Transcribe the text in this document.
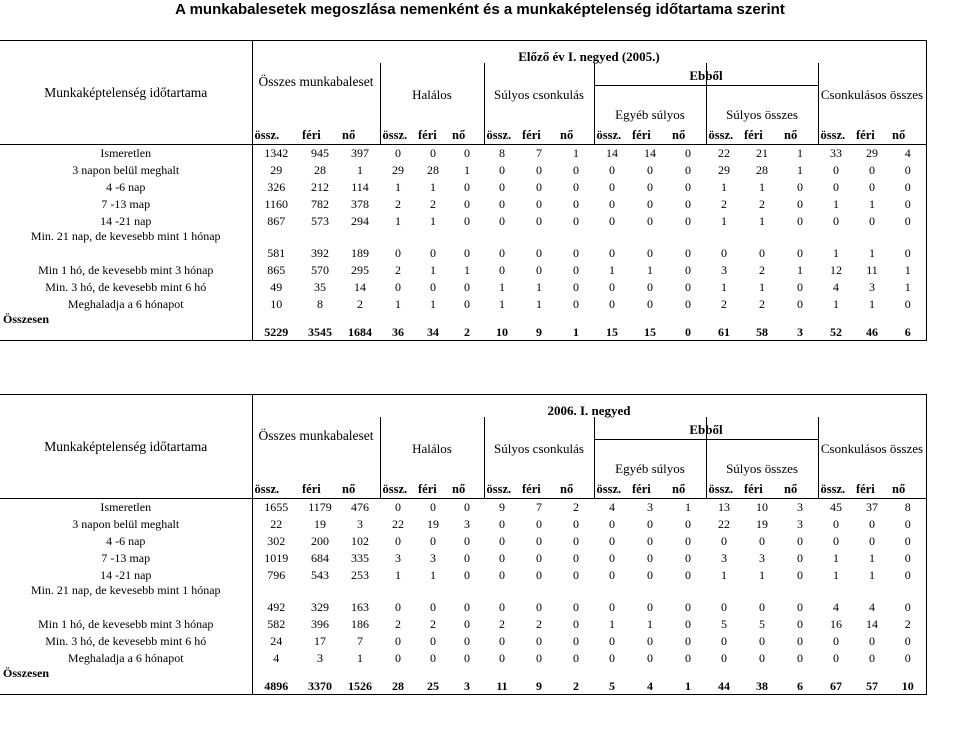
A munkabalesetek megoszlása nemenként és a munkaképtelenség időtartama szerint
Munkaképtelenség időtartama	Előző év I. negyed (2005.)																	
	Összes munkabaleset			Halálos			Súlyos csonkulás			Egyéb súlyos			Súlyos összes			Csonkulásos összes		
	össz.	féri	nő	össz.	féri	nő	össz.	féri	nő	össz.	féri	nő	össz.	féri	nő	össz.	féri	nő
Ismeretlen	1342	945	397	0	0	0	8	7	1	14	14	0	22	21	1	33	29	4
3 napon belül meghalt	29	28	1	29	28	1	0	0	0	0	0	0	29	28	1	0	0	0
4 -6 nap	326	212	114	1	1	0	0	0	0	0	0	0	1	1	0	0	0	0
7 -13 map	1160	782	378	2	2	0	0	0	0	0	0	0	2	2	0	1	1	0
14 -21 nap	867	573	294	1	1	0	0	0	0	0	0	0	1	1	0	0	0	0
Min. 21 nap, de kevesebb mint 1 hónap	581	392	189	0	0	0	0	0	0	0	0	0	0	0	0	1	1	0
Min 1 hó, de kevesebb mint 3 hónap	865	570	295	2	1	1	0	0	0	1	1	0	3	2	1	12	11	1
Min. 3 hó, de kevesebb mint 6 hó	49	35	14	0	0	0	1	1	0	0	0	0	1	1	0	4	3	1
Meghaladja a 6 hónapot	10	8	2	1	1	0	1	1	0	0	0	0	2	2	0	1	1	0
Összesen	5229	3545	1684	36	34	2	10	9	1	15	15	0	61	58	3	52	46	6
Munkaképtelenség időtartama	2006. I. negyed																	
	Összes munkabaleset			Halálos			Súlyos csonkulás			Egyéb súlyos			Súlyos összes			Csonkulásos összes		
	össz.	féri	nő	össz.	féri	nő	össz.	féri	nő	össz.	féri	nő	össz.	féri	nő	össz.	féri	nő
Ismeretlen	1655	1179	476	0	0	0	9	7	2	4	3	1	13	10	3	45	37	8
3 napon belül meghalt	22	19	3	22	19	3	0	0	0	0	0	0	22	19	3	0	0	0
4 -6 nap	302	200	102	0	0	0	0	0	0	0	0	0	0	0	0	0	0	0
7 -13 map	1019	684	335	3	3	0	0	0	0	0	0	0	3	3	0	1	1	0
14 -21 nap	796	543	253	1	1	0	0	0	0	0	0	0	1	1	0	1	1	0
Min. 21 nap, de kevesebb mint 1 hónap	492	329	163	0	0	0	0	0	0	0	0	0	0	0	0	4	4	0
Min 1 hó, de kevesebb mint 3 hónap	582	396	186	2	2	0	2	2	0	1	1	0	5	5	0	16	14	2
Min. 3 hó, de kevesebb mint 6 hó	24	17	7	0	0	0	0	0	0	0	0	0	0	0	0	0	0	0
Meghaladja a 6 hónapot	4	3	1	0	0	0	0	0	0	0	0	0	0	0	0	0	0	0
Összesen	4896	3370	1526	28	25	3	11	9	2	5	4	1	44	38	6	67	57	10
Ebből
Ebből
